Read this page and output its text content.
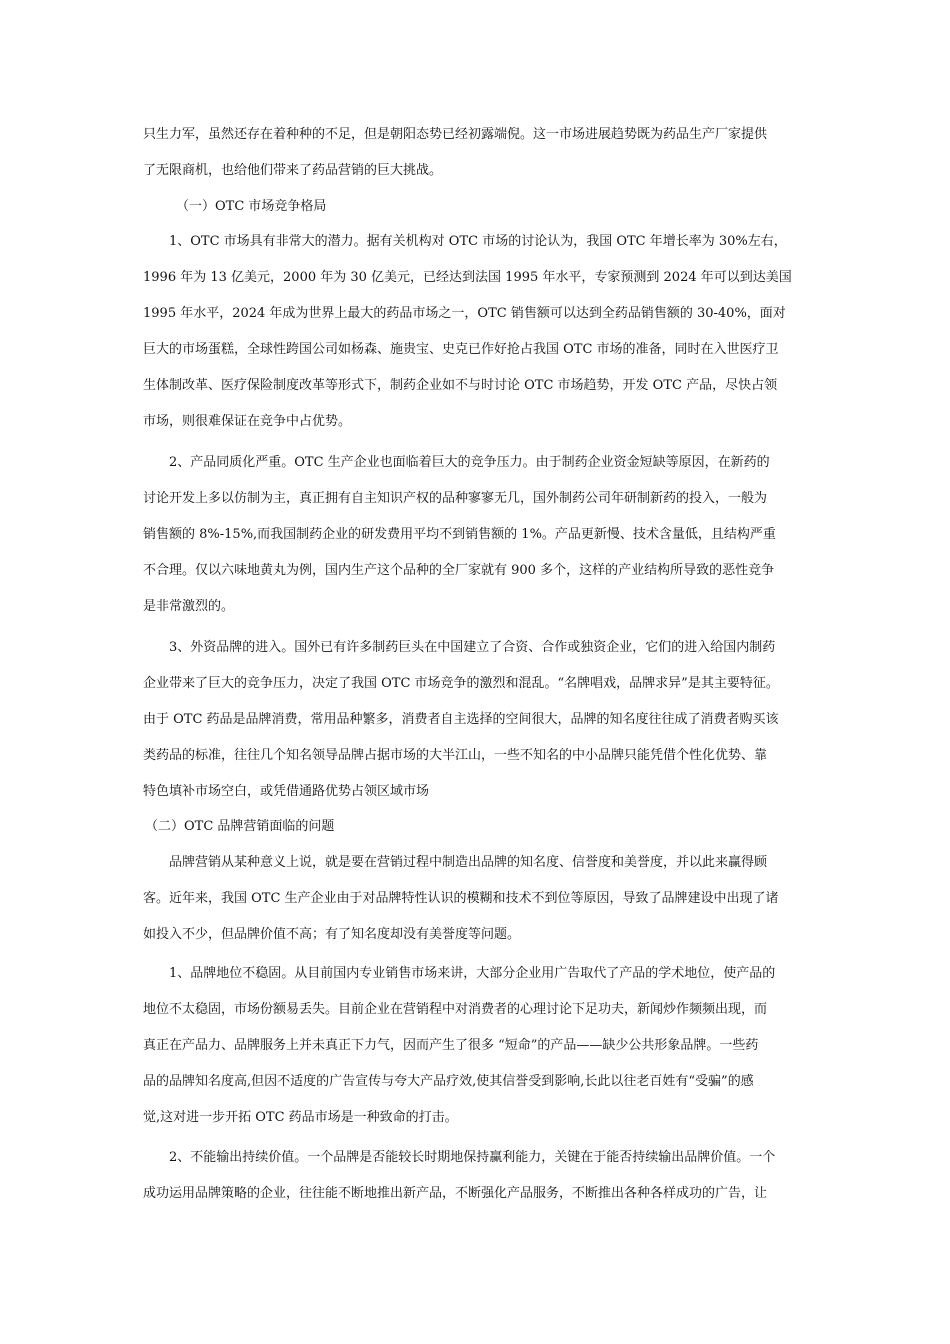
只生力军，虽然还存在着种种的不足，但是朝阳态势已经初露端倪。这一市场进展趋势既为药品生产厂家提供
了无限商机，也给他们带来了药品营销的巨大挑战。
（一）OTC 市场竞争格局
1、OTC 市场具有非常大的潜力。据有关机构对 OTC 市场的讨论认为，我国 OTC 年增长率为 30%左右，
1996 年为 13 亿美元，2000 年为 30 亿美元，已经达到法国 1995 年水平，专家预测到 2024 年可以到达美国
1995 年水平，2024 年成为世界上最大的药品市场之一，OTC 销售额可以达到全药品销售额的 30-40%，面对
巨大的市场蛋糕，全球性跨国公司如杨森、施贵宝、史克已作好抢占我国 OTC 市场的准备，同时在入世医疗卫
生体制改革、医疗保险制度改革等形式下，制药企业如不与时讨论 OTC 市场趋势，开发 OTC 产品，尽快占领
市场，则很难保证在竞争中占优势。
2、产品同质化严重。OTC 生产企业也面临着巨大的竞争压力。由于制药企业资金短缺等原因，在新药的
讨论开发上多以仿制为主，真正拥有自主知识产权的品种寥寥无几，国外制药公司年研制新药的投入，一般为
销售额的 8%-15%,而我国制药企业的研发费用平均不到销售额的 1%。产品更新慢、技术含量低，且结构严重
不合理。仅以六味地黄丸为例，国内生产这个品种的全厂家就有 900 多个，这样的产业结构所导致的恶性竞争
是非常激烈的。
3、外资品牌的进入。国外已有许多制药巨头在中国建立了合资、合作或独资企业，它们的进入给国内制药
企业带来了巨大的竞争压力，决定了我国 OTC 市场竞争的激烈和混乱。“名牌唱戏，品牌求异”是其主要特征。
由于 OTC 药品是品牌消费，常用品种繁多，消费者自主选择的空间很大，品牌的知名度往往成了消费者购买该
类药品的标准，往往几个知名领导品牌占据市场的大半江山，一些不知名的中小品牌只能凭借个性化优势、靠
特色填补市场空白，或凭借通路优势占领区域市场
（二）OTC 品牌营销面临的问题
品牌营销从某种意义上说，就是要在营销过程中制造出品牌的知名度、信誉度和美誉度，并以此来赢得顾
客。近年来，我国 OTC 生产企业由于对品牌特性认识的模糊和技术不到位等原因，导致了品牌建设中出现了诸
如投入不少，但品牌价值不高；有了知名度却没有美誉度等问题。
1、品牌地位不稳固。从目前国内专业销售市场来讲，大部分企业用广告取代了产品的学术地位，使产品的
地位不太稳固，市场份额易丢失。目前企业在营销程中对消费者的心理讨论下足功夫，新闻炒作频频出现，而
真正在产品力、品牌服务上并未真正下力气，因而产生了很多 “短命”的产品——缺少公共形象品牌。一些药
品的品牌知名度高,但因不适度的广告宣传与夸大产品疗效,使其信誉受到影响,长此以往老百姓有“受骗”的感
觉,这对进一步开拓 OTC 药品市场是一种致命的打击。
2、不能输出持续价值。一个品牌是否能较长时期地保持赢利能力，关键在于能否持续输出品牌价值。一个
成功运用品牌策略的企业，往往能不断地推出新产品，不断强化产品服务，不断推出各种各样成功的广告，让
